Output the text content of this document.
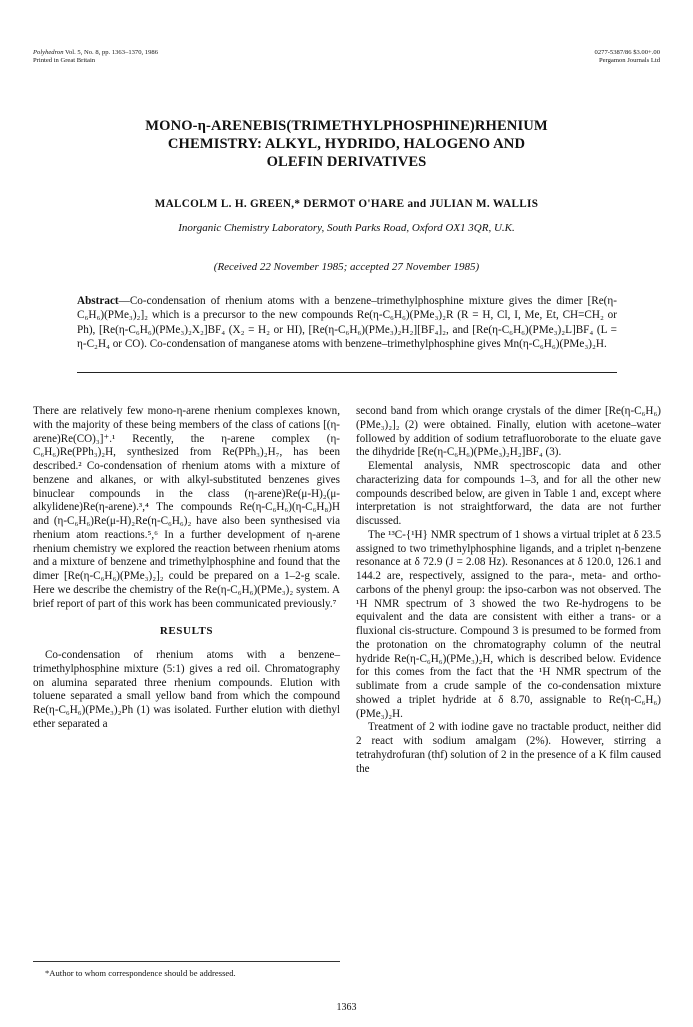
Polyhedron Vol. 5, No. 8, pp. 1363–1370, 1986
Printed in Great Britain
0277-5387/86 $3.00+.00
Pergamon Journals Ltd
MONO-η-ARENEBIS(TRIMETHYLPHOSPHINE)RHENIUM
CHEMISTRY: ALKYL, HYDRIDO, HALOGENO AND
OLEFIN DERIVATIVES
MALCOLM L. H. GREEN,* DERMOT O'HARE and JULIAN M. WALLIS
Inorganic Chemistry Laboratory, South Parks Road, Oxford OX1 3QR, U.K.
(Received 22 November 1985; accepted 27 November 1985)
Abstract—Co-condensation of rhenium atoms with a benzene–trimethylphosphine mixture gives the dimer [Re(η-C₆H₆)(PMe₃)₂]₂ which is a precursor to the new compounds Re(η-C₆H₆)(PMe₃)₂R (R = H, Cl, I, Me, Et, CH=CH₂ or Ph), [Re(η-C₆H₆)(PMe₃)₂X₂]BF₄ (X₂ = H₂ or HI), [Re(η-C₆H₆)(PMe₃)₂H₂][BF₄]₂, and [Re(η-C₆H₆)(PMe₃)₂L]BF₄ (L = η-C₂H₄ or CO). Co-condensation of manganese atoms with benzene–trimethylphosphine gives Mn(η-C₆H₆)(PMe₃)₂H.

There are relatively few mono-η-arene rhenium complexes known, with the majority of these being members of the class of cations [(η-arene)Re(CO)₃]⁺.¹ Recently, the η-arene complex (η-C₆H₆)Re(PPh₃)₂H, synthesized from Re(PPh₃)₂H₇, has been described.² Co-condensation of rhenium atoms with a mixture of benzene and alkanes, or with alkyl-substituted benzenes gives binuclear compounds in the class (η-arene)Re(μ-H)₂(μ-alkylidene)Re(η-arene).³,⁴ The compounds Re(η-C₆H₆)(η-C₆H₈)H and (η-C₆H₆)Re(μ-H)₂Re(η-C₆H₆)₂ have also been synthesised via rhenium atom reactions.⁵,⁶ In a further development of η-arene rhenium chemistry we explored the reaction between rhenium atoms and a mixture of benzene and trimethylphosphine and found that the dimer [Re(η-C₆H₆)(PMe₃)₂]₂ could be prepared on a 1–2-g scale. Here we describe the chemistry of the Re(η-C₆H₆)(PMe₃)₂ system. A brief report of part of this work has been communicated previously.⁷

RESULTS

Co-condensation of rhenium atoms with a benzene–trimethylphosphine mixture (5:1) gives a red oil. Chromatography on alumina separated three rhenium compounds. Elution with toluene separated a small yellow band from which the compound Re(η-C₆H₆)(PMe₃)₂Ph (1) was isolated. Further elution with diethyl ether separated a

second band from which orange crystals of the dimer [Re(η-C₆H₆)(PMe₃)₂]₂ (2) were obtained. Finally, elution with acetone–water followed by addition of sodium tetrafluoroborate to the eluate gave the dihydride [Re(η-C₆H₆)(PMe₃)₂H₂]BF₄ (3).

Elemental analysis, NMR spectroscopic data and other characterizing data for compounds 1–3, and for all the other new compounds described below, are given in Table 1 and, except where interpretation is not straightforward, the data are not further discussed.

The ¹³C-{¹H} NMR spectrum of 1 shows a virtual triplet at δ 23.5 assigned to two trimethylphosphine ligands, and a triplet η-benzene resonance at δ 72.9 (J = 2.08 Hz). Resonances at δ 120.0, 126.1 and 144.2 are, respectively, assigned to the para-, meta- and ortho-carbons of the phenyl group: the ipso-carbon was not observed. The ¹H NMR spectrum of 3 showed the two Re-hydrogens to be equivalent and the data are consistent with either a trans- or a fluxional cis-structure. Compound 3 is presumed to be formed from the protonation on the chromatography column of the neutral hydride Re(η-C₆H₆)(PMe₃)₂H, which is described below. Evidence for this comes from the fact that the ¹H NMR spectrum of the sublimate from a crude sample of the co-condensation mixture showed a triplet hydride at δ 8.70, assignable to Re(η-C₆H₆)(PMe₃)₂H.

Treatment of 2 with iodine gave no tractable product, neither did 2 react with sodium amalgam (2%). However, stirring a tetrahydrofuran (thf) solution of 2 in the presence of a K film caused the

*Author to whom correspondence should be addressed.
1363
